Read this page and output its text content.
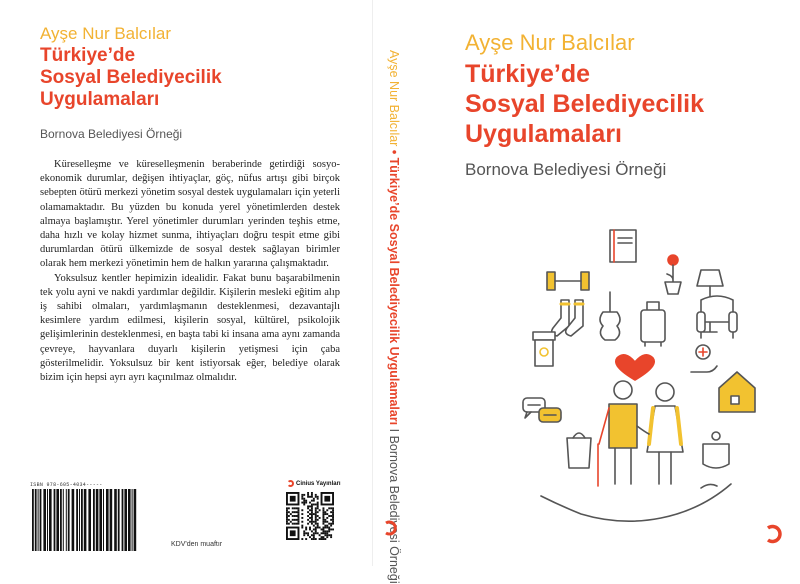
Ayşe Nur Balcılar
Türkiye’de
Sosyal Belediyecilik
Uygulamaları
Bornova Belediyesi Örneği

Küreselleşme ve küreselleşmenin beraberinde getirdiği sosyo-ekonomik durumlar, değişen ihtiyaçlar, göç, nüfus artışı gibi birçok sebepten ötürü merkezi yönetim sosyal destek uygulamaları için yeterli olamamaktadır. Bu yüzden bu konuda yerel yönetimlerden destek almaya başlamıştır. Yerel yönetimler durumları yerinden teşhis etme, daha hızlı ve kolay hizmet sunma, ihtiyaçları doğru tespit etme gibi durumlardan ötürü ülkemizde de sosyal destek sağlayan birimler olarak hem merkezi yönetimin hem de halkın yararına çalışmaktadır.

Yoksulsuz kentler hepimizin idealidir. Fakat bunu başarabilmenin tek yolu ayni ve nakdi yardımlar değildir. Kişilerin mesleki eğitim alıp iş sahibi olmaları, yardımlaşmanın desteklenmesi, dezavantajlı kesimlere yardım edilmesi, kişilerin sosyal, kültürel, psikolojik gelişimlerinin desteklenmesi, en başta tabi ki insana ama aynı zamanda çevreye, hayvanlara duyarlı kişilerin yetişmesi için çaba gösterilmelidir. Yoksulsuz bir kent istiyorsak eğer, belediye olarak bizim için hepsi ayrı ayrı kaçınılmaz olmalıdır.

ISBN 978-605-4034-----
KDV'den muaftır
Cinius Yayınları
Ayşe Nur Balcılar • Türkiye’de Sosyal Belediyecilik Uygulamaları I Bornova Belediyesi Örneği
Ayşe Nur Balcılar
Türkiye’de
Sosyal Belediyecilik
Uygulamaları
Bornova Belediyesi Örneği
